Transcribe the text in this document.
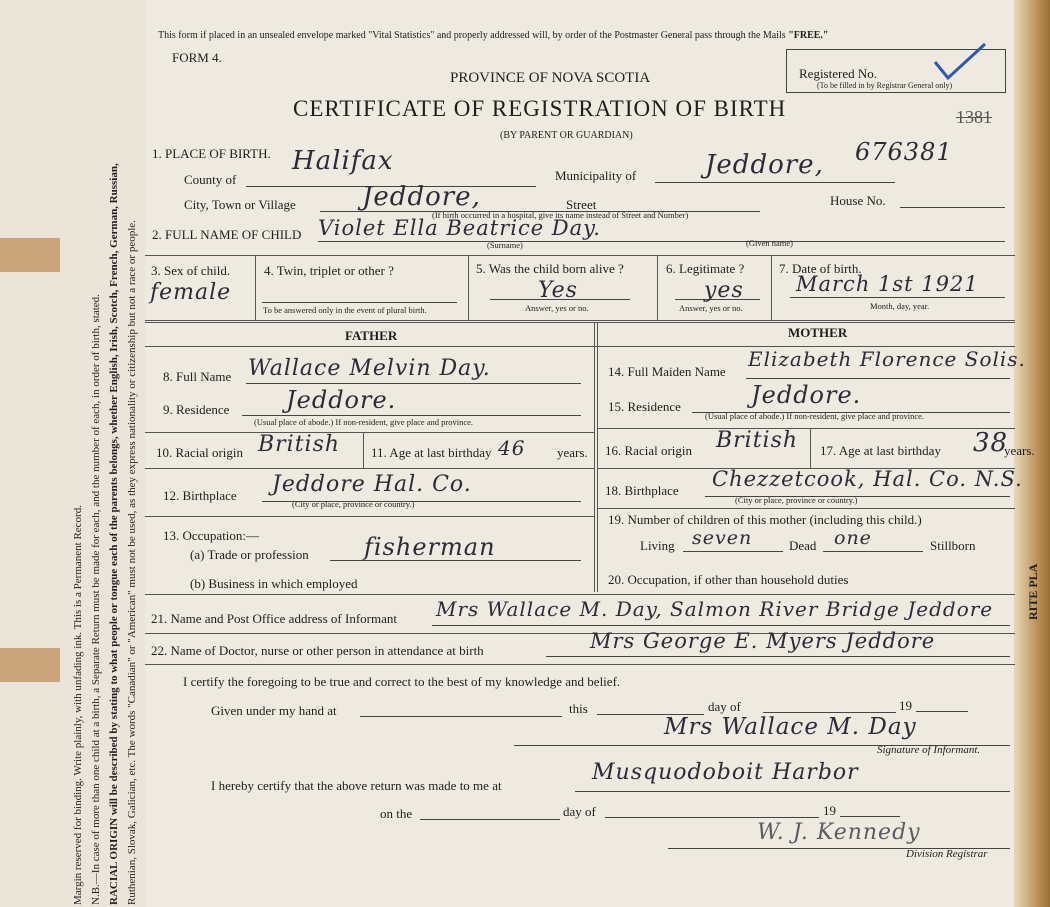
Margin reserved for binding. Write plainly, with unfading ink. This is a Permanent Record. N.B.—In case of more than one child at a birth, a Separate Return must be made for each, and the number of each, in order of birth, stated. RACIAL ORIGIN will be described by stating to what people or tongue each of the parents belongs, whether English, Irish, Scotch, French, German, Russian, Ruthenian, Slovak, Galician, etc. The words "Canadian" or "American" must not be used, as they express nationality or citizenship but not a race or people.	RITE PLA
This form if placed in an unsealed envelope marked "Vital Statistics" and properly addressed will, by order of the Postmaster General pass through the Mails "FREE."
FORM 4.
PROVINCE OF NOVA SCOTIA
CERTIFICATE OF REGISTRATION OF BIRTH
(BY PARENT OR GUARDIAN)
Registered No.
(To be filled in by Registrar General only)
1381
676381
1. PLACE OF BIRTH.
County of
Halifax	Municipality of	Jeddore,
City, Town or Village	Jeddore,	Street	House No.
(If birth occurred in a hospital, give its name instead of Street and Number)
2. FULL NAME OF CHILD Violet Ella Beatrice Day.
(Surname)	(Given name)
3. Sex of child.
female
4. Twin, triplet or other ?
To be answered only in the event of plural birth.
5. Was the child born alive ?
Yes
Answer, yes or no.
6. Legitimate ?
yes
Answer, yes or no.
7. Date of birth.
March 1st 1921
Month, day, year.
FATHER	MOTHER
8. Full Name Wallace Melvin Day.
9. Residence Jeddore.
(Usual place of abode.) If non-resident, give place and province.
10. Racial origin British 11. Age at last birthday 46 years.
12. Birthplace Jeddore Hal. Co.
(City or place, province or country.)
13. Occupation:—
(a) Trade or profession fisherman
(b) Business in which employed
14. Full Maiden Name
Elizabeth Florence Solis.
15. Residence	Jeddore.
(Usual place of abode.) If non-resident, give place and province.
16. Racial origin British 17. Age at last birthday 38
years.
18. Birthplace Chezzetcook, Hal. Co. N.S.
(City or place, province or country.)
19. Number of children of this mother (including this child.)
Living seven	Dead one	Stillborn
20. Occupation, if other than household duties
21. Name and Post Office address of Informant Mrs Wallace M. Day, Salmon River Bridge Jeddore
22. Name of Doctor, nurse or other person in attendance at birth	Mrs George E. Myers Jeddore
I certify the foregoing to be true and correct to the best of my knowledge and belief.
Given under my hand at	this	day of	19
Mrs Wallace M. Day
Signature of Informant.
I hereby certify that the above return was made to me at
Musquodoboit Harbor
on the	day of	19
W. J. Kennedy
Division Registrar
